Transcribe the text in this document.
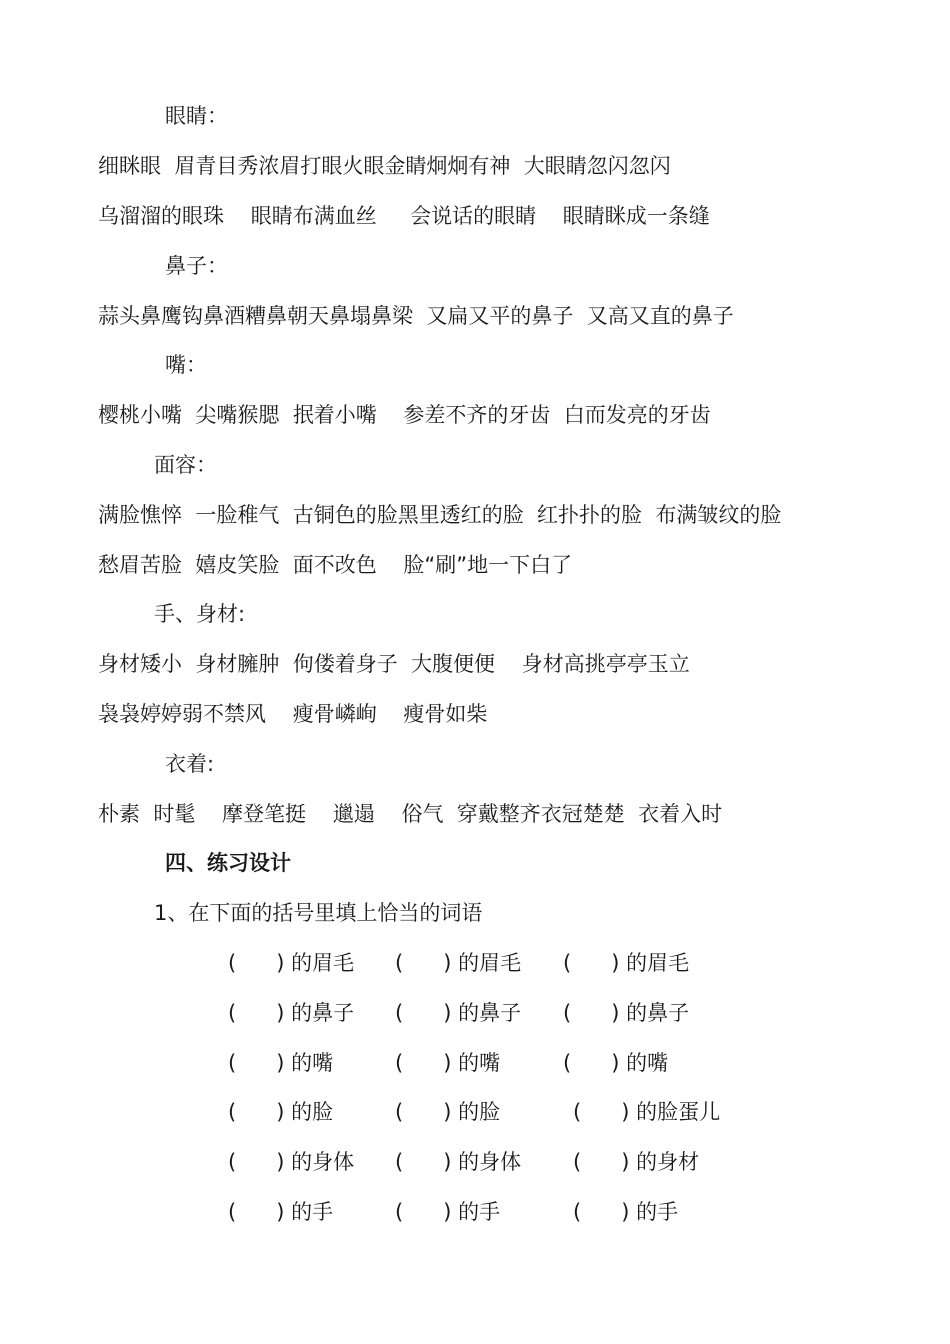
眼睛：
细眯眼  眉青目秀浓眉打眼火眼金睛炯炯有神  大眼睛忽闪忽闪
乌溜溜的眼珠    眼睛布满血丝     会说话的眼睛    眼睛眯成一条缝
鼻子：
蒜头鼻鹰钩鼻酒糟鼻朝天鼻塌鼻梁  又扁又平的鼻子  又高又直的鼻子
嘴：
樱桃小嘴  尖嘴猴腮  抿着小嘴    参差不齐的牙齿  白而发亮的牙齿
面容：
满脸憔悴  一脸稚气  古铜色的脸黑里透红的脸  红扑扑的脸  布满皱纹的脸
愁眉苦脸  嬉皮笑脸  面不改色    脸“刷”地一下白了
手、身材:
身材矮小  身材臃肿  佝偻着身子  大腹便便    身材高挑亭亭玉立
袅袅婷婷弱不禁风    瘦骨嶙峋    瘦骨如柴
衣着:
朴素  时髦    摩登笔挺    邋遢    俗气  穿戴整齐衣冠楚楚  衣着入时
四、练习设计
1、在下面的括号里填上恰当的词语
(      ) 的眉毛 (      ) 的眉毛 (      ) 的眉毛
(      ) 的鼻子 (      ) 的鼻子 (      ) 的鼻子
(      ) 的嘴	(      ) 的嘴	(      ) 的嘴
(      ) 的脸	(      ) 的脸	(      ) 的脸蛋儿
(      ) 的身体 (      ) 的身体 (      ) 的身材
(      ) 的手	(      ) 的手	(      ) 的手
